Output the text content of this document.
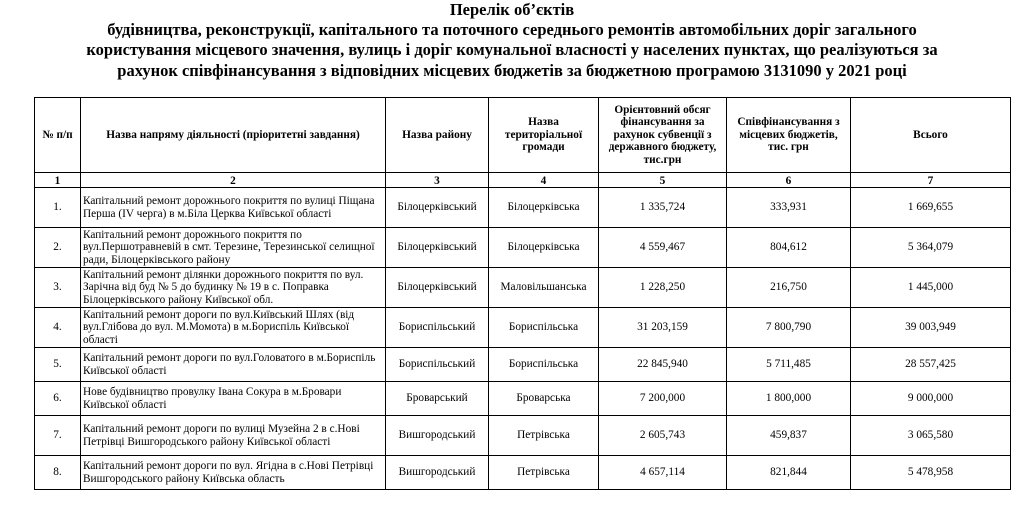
Перелік об’єктів
будівництва, реконструкції, капітального та поточного середнього ремонтів автомобільних доріг загального
користування місцевого значення, вулиць і доріг комунальної власності у населених пунктах, що реалізуються за
рахунок співфінансування з відповідних місцевих бюджетів за бюджетною програмою 3131090 у 2021 році
№ п/п	Назва напряму діяльності (пріоритетні завдання)	Назва району	Назва територіальної громади	Орієнтовний обсяг фінансування за рахунок субвенції з державного бюджету, тис.грн	Співфінансування з місцевих бюджетів, тис. грн	Всього
1	2	3	4	5	6	7
1.	Капітальний ремонт дорожнього покриття по вулиці Піщана Перша (IV черга) в м.Біла Церква Київської області	Білоцерківський	Білоцерківська	1 335,724	333,931	1 669,655
2.	Капітальний ремонт дорожнього покриття по вул.Першотравневій в смт. Терезине, Терезинської селищної ради, Білоцерківського району	Білоцерківський	Білоцерківська	4 559,467	804,612	5 364,079
3.	Капітальний ремонт ділянки дорожнього покриття по вул. Зарічна від буд № 5 до будинку № 19 в с. Поправка Білоцерківського району Київської обл.	Білоцерківський	Маловільшанська	1 228,250	216,750	1 445,000
4.	Капітальний ремонт дороги по вул.Київський Шлях (від вул.Глібова до вул. М.Момота) в м.Бориспіль Київської області	Бориспільський	Бориспільська	31 203,159	7 800,790	39 003,949
5.	Капітальний ремонт дороги по вул.Головатого в м.Бориспіль Київської області	Бориспільський	Бориспільська	22 845,940	5 711,485	28 557,425
6.	Нове будівництво провулку Івана Сокура в м.Бровари Київської області	Броварський	Броварська	7 200,000	1 800,000	9 000,000
7.	Капітальний ремонт дороги по вулиці Музейна 2 в с.Нові Петрівці Вишгородського району Київської області	Вишгородський	Петрівська	2 605,743	459,837	3 065,580
8.	Капітальний ремонт дороги по вул. Ягідна в с.Нові Петрівці Вишгородського району Київська область	Вишгородський	Петрівська	4 657,114	821,844	5 478,958
